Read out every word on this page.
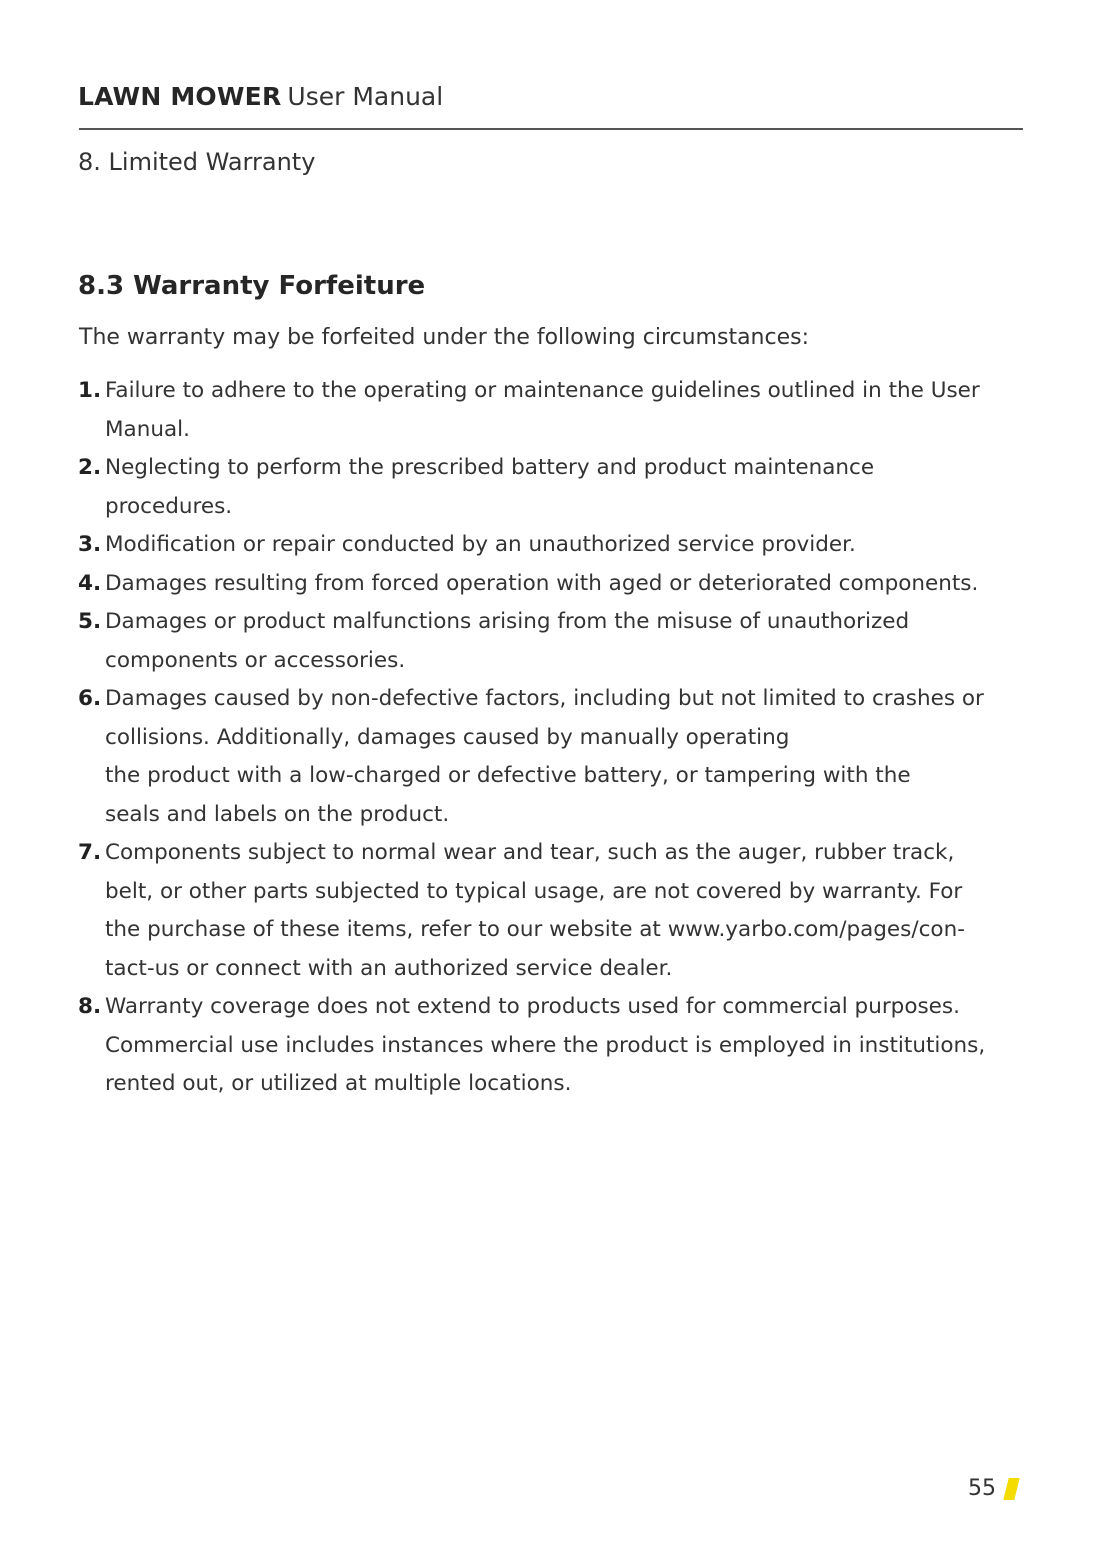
LAWN MOWER User Manual
8. Limited Warranty
8.3 Warranty Forfeiture
The warranty may be forfeited under the following circumstances:
1. Failure to adhere to the operating or maintenance guidelines outlined in the User
Manual.
2. Neglecting to perform the prescribed battery and product maintenance
procedures.
3. Modification or repair conducted by an unauthorized service provider.
4. Damages resulting from forced operation with aged or deteriorated components.
5. Damages or product malfunctions arising from the misuse of unauthorized
components or accessories.
6. Damages caused by non-defective factors, including but not limited to crashes or
collisions. Additionally, damages caused by manually operating
the product with a low-charged or defective battery, or tampering with the
seals and labels on the product.
7. Components subject to normal wear and tear, such as the auger, rubber track,
belt, or other parts subjected to typical usage, are not covered by warranty. For
the purchase of these items, refer to our website at www.yarbo.com/pages/con-
tact-us or connect with an authorized service dealer.
8. Warranty coverage does not extend to products used for commercial purposes.
Commercial use includes instances where the product is employed in institutions,
rented out, or utilized at multiple locations.
55
